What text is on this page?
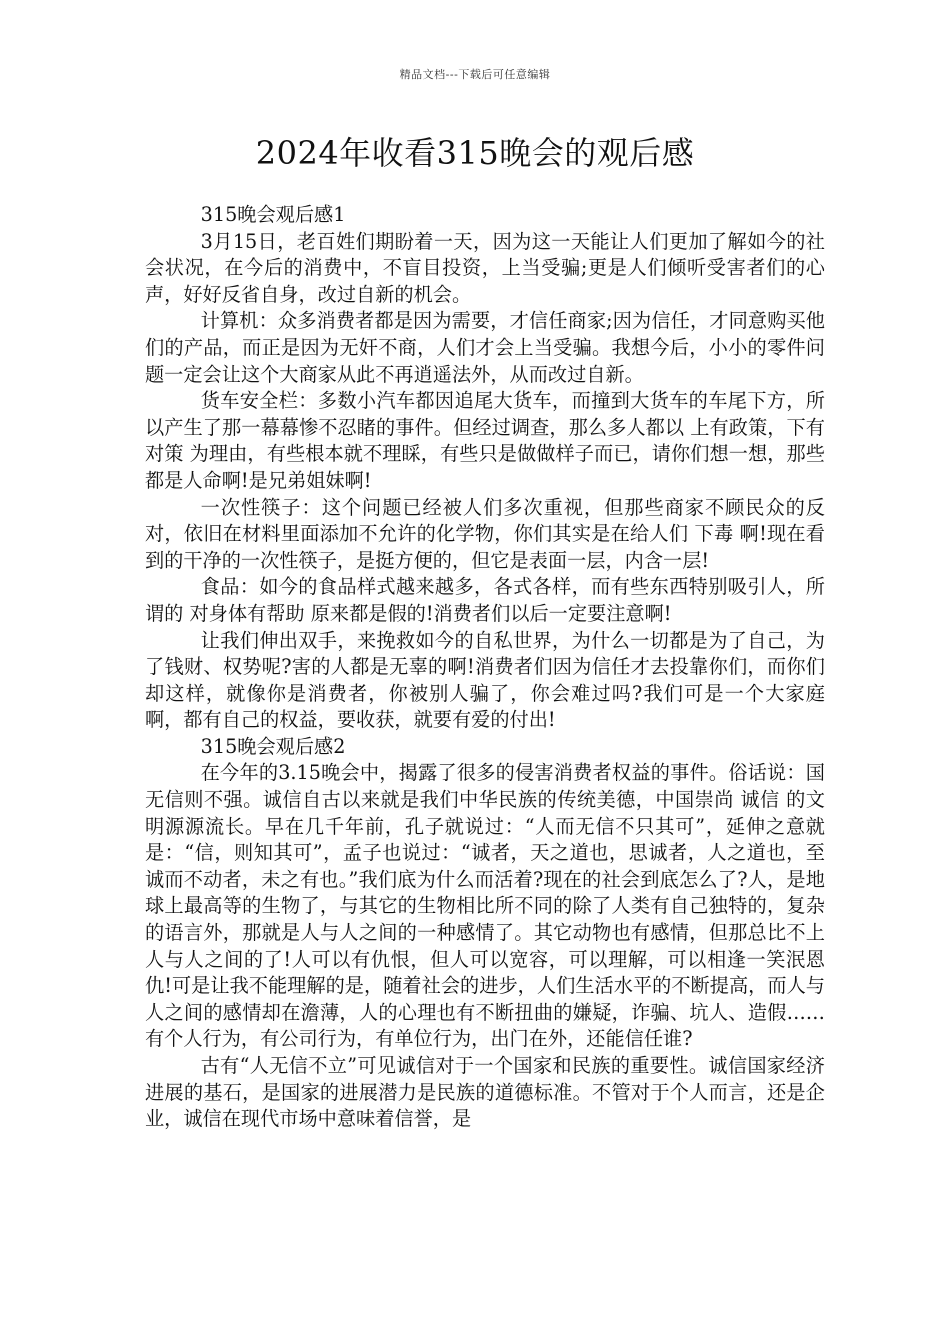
精品文档---下载后可任意编辑
2024年收看315晚会的观后感

315晚会观后感1

3月15日，老百姓们期盼着一天，因为这一天能让人们更加了解如今的社会状况，在今后的消费中，不盲目投资，上当受骗;更是人们倾听受害者们的心声，好好反省自身，改过自新的机会。

计算机：众多消费者都是因为需要，才信任商家;因为信任，才同意购买他们的产品，而正是因为无奸不商，人们才会上当受骗。我想今后，小小的零件问题一定会让这个大商家从此不再逍遥法外，从而改过自新。

货车安全栏：多数小汽车都因追尾大货车，而撞到大货车的车尾下方，所以产生了那一幕幕惨不忍睹的事件。但经过调查，那么多人都以 上有政策，下有对策 为理由，有些根本就不理睬，有些只是做做样子而已，请你们想一想，那些都是人命啊!是兄弟姐妹啊!

一次性筷子：这个问题已经被人们多次重视，但那些商家不顾民众的反对，依旧在材料里面添加不允许的化学物，你们其实是在给人们 下毒 啊!现在看到的干净的一次性筷子，是挺方便的，但它是表面一层，内含一层!

食品：如今的食品样式越来越多，各式各样，而有些东西特别吸引人，所谓的 对身体有帮助 原来都是假的!消费者们以后一定要注意啊!

让我们伸出双手，来挽救如今的自私世界，为什么一切都是为了自己，为了钱财、权势呢?害的人都是无辜的啊!消费者们因为信任才去投靠你们，而你们却这样，就像你是消费者，你被别人骗了，你会难过吗?我们可是一个大家庭啊，都有自己的权益，要收获，就要有爱的付出!

315晚会观后感2

在今年的3.15晚会中，揭露了很多的侵害消费者权益的事件。俗话说：国无信则不强。诚信自古以来就是我们中华民族的传统美德，中国崇尚 诚信 的文明源源流长。早在几千年前，孔子就说过：“人而无信不只其可”，延伸之意就是：“信，则知其可”，孟子也说过：“诚者，天之道也，思诚者，人之道也，至诚而不动者，未之有也。”我们底为什么而活着?现在的社会到底怎么了?人，是地球上最高等的生物了，与其它的生物相比所不同的除了人类有自己独特的，复杂的语言外，那就是人与人之间的一种感情了。其它动物也有感情，但那总比不上人与人之间的了!人可以有仇恨，但人可以宽容，可以理解，可以相逢一笑泯恩仇!可是让我不能理解的是，随着社会的进步，人们生活水平的不断提高，而人与人之间的感情却在澹薄，人的心理也有不断扭曲的嫌疑，诈骗、坑人、造假……有个人行为，有公司行为，有单位行为，出门在外，还能信任谁?

古有“人无信不立”可见诚信对于一个国家和民族的重要性。诚信国家经济进展的基石，是国家的进展潜力是民族的道德标准。不管对于个人而言，还是企业，诚信在现代市场中意味着信誉，是
